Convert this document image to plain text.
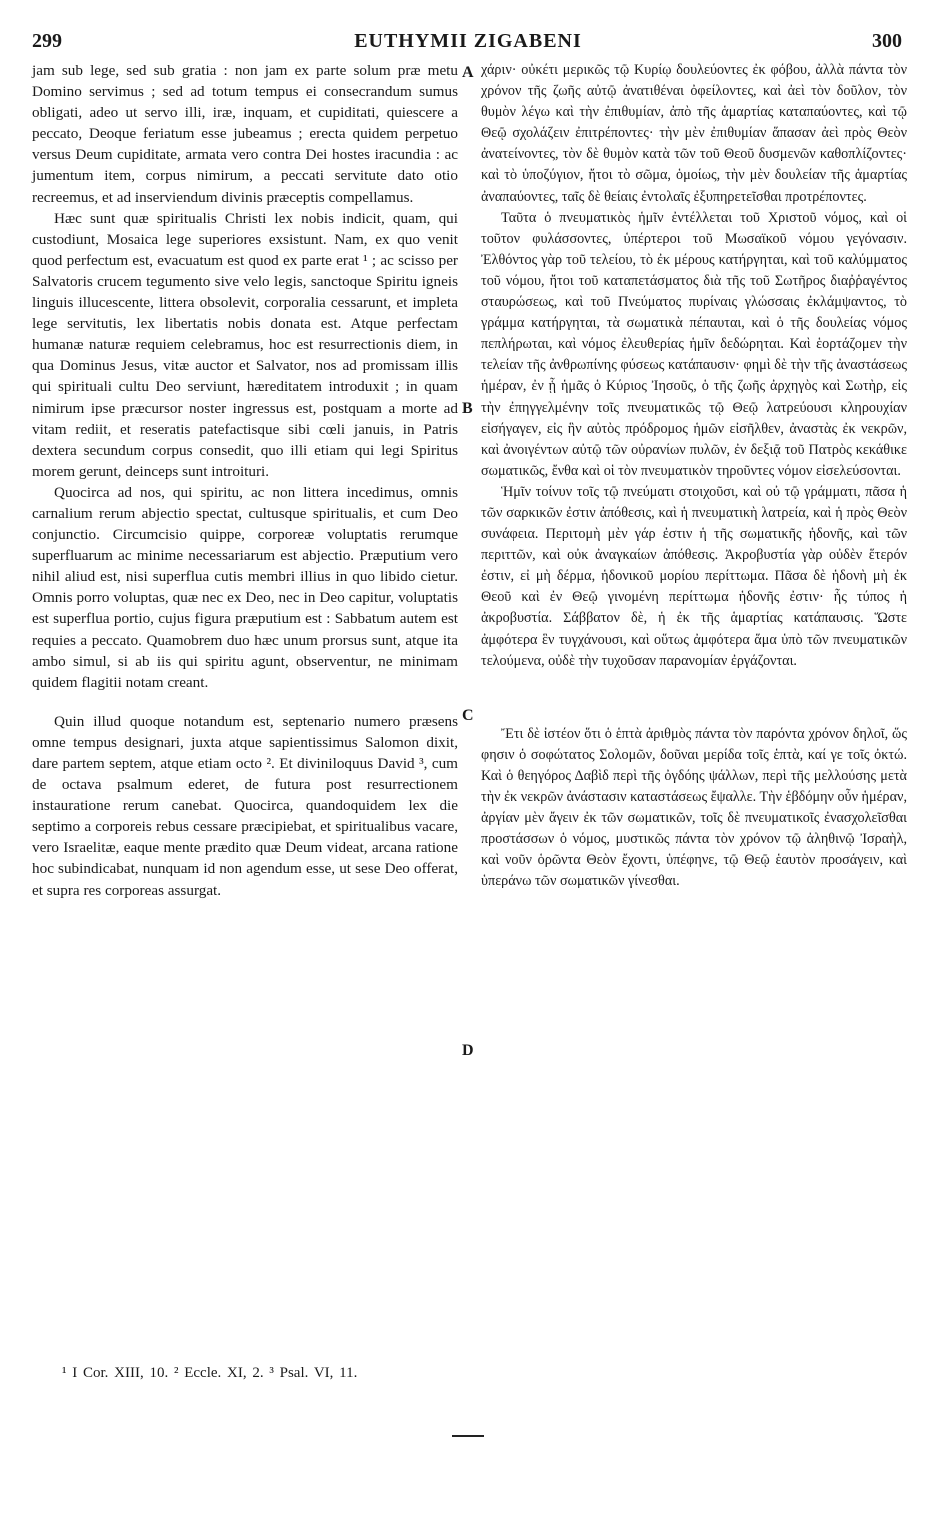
299	EUTHYMII ZIGABENI	300

jam sub lege, sed sub gratia : non jam ex parte solum præ metu Domino servimus ; sed ad totum tempus ei consecrandum sumus obligati, adeo ut servo illi, iræ, inquam, et cupiditati, quiescere a peccato, Deoque feriatum esse jubeamus ; erecta quidem perpetuo versus Deum cupiditate, armata vero contra Dei hostes iracundia : ac jumentum item, corpus nimirum, a peccati servitute dato otio recreemus, et ad inserviendum divinis præceptis compellamus.

Hæc sunt quæ spiritualis Christi lex nobis indicit, quam, qui custodiunt, Mosaica lege superiores exsistunt. Nam, ex quo venit quod perfectum est, evacuatum est quod ex parte erat ¹ ; ac scisso per Salvatoris crucem tegumento sive velo legis, sanctoque Spiritu igneis linguis illucescente, littera obsolevit, corporalia cessarunt, et impleta lege servitutis, lex libertatis nobis donata est. Atque perfectam humanæ naturæ requiem celebramus, hoc est resurrectionis diem, in qua Dominus Jesus, vitæ auctor et Salvator, nos ad promissam illis qui spirituali cultu Deo serviunt, hæreditatem introduxit ; in quam nimirum ipse præcursor noster ingressus est, postquam a morte ad vitam rediit, et reseratis patefactisque sibi cœli januis, in Patris dextera secundum corpus consedit, quo illi etiam qui legi Spiritus morem gerunt, deinceps sunt introituri.

Quocirca ad nos, qui spiritu, ac non littera incedimus, omnis carnalium rerum abjectio spectat, cultusque spiritualis, et cum Deo conjunctio. Circumcisio quippe, corporeæ voluptatis rerumque superfluarum ac minime necessariarum est abjectio. Præputium vero nihil aliud est, nisi superflua cutis membri illius in quo libido cietur. Omnis porro voluptas, quæ nec ex Deo, nec in Deo capitur, voluptatis est superflua portio, cujus figura præputium est : Sabbatum autem est requies a peccato. Quamobrem duo hæc unum prorsus sunt, atque ita ambo simul, si ab iis qui spiritu agunt, observentur, ne minimam quidem flagitii notam creant.

Quin illud quoque notandum est, septenario numero præsens omne tempus designari, juxta atque sapientissimus Salomon dixit, dare partem septem, atque etiam octo ². Et diviniloquus David ³, cum de octava psalmum ederet, de futura post resurrectionem instauratione rerum canebat. Quocirca, quandoquidem lex die septimo a corporeis rebus cessare præcipiebat, et spiritualibus vacare, vero Israelitæ, eaque mente prædito quæ Deum videat, arcana ratione hoc subindicabat, nunquam id non agendum esse, ut sese Deo offerat, et supra res corporeas assurgat.

A
B
C
D

χάριν· οὐκέτι μερικῶς τῷ Κυρίῳ δουλεύοντες ἐκ φόβου, ἀλλὰ πάντα τὸν χρόνον τῆς ζωῆς αὐτῷ ἀνατιθέναι ὀφείλοντες, καὶ ἀεὶ τὸν δοῦλον, τὸν θυμὸν λέγω καὶ τὴν ἐπιθυμίαν, ἀπὸ τῆς ἁμαρτίας καταπαύοντες, καὶ τῷ Θεῷ σχολάζειν ἐπιτρέποντες· τὴν μὲν ἐπιθυμίαν ἅπασαν ἀεὶ πρὸς Θεὸν ἀνατείνοντες, τὸν δὲ θυμὸν κατὰ τῶν τοῦ Θεοῦ δυσμενῶν καθοπλίζοντες· καὶ τὸ ὑποζύγιον, ἤτοι τὸ σῶμα, ὁμοίως, τὴν μὲν δουλείαν τῆς ἁμαρτίας ἀναπαύοντες, ταῖς δὲ θείαις ἐντολαῖς ἐξυπηρετεῖσθαι προτρέποντες.

Ταῦτα ὁ πνευματικὸς ἡμῖν ἐντέλλεται τοῦ Χριστοῦ νόμος, καὶ οἱ τοῦτον φυλάσσοντες, ὑπέρτεροι τοῦ Μωσαϊκοῦ νόμου γεγόνασιν. Ἐλθόντος γὰρ τοῦ τελείου, τὸ ἐκ μέρους κατήργηται, καὶ τοῦ καλύμματος τοῦ νόμου, ἤτοι τοῦ καταπετάσματος διὰ τῆς τοῦ Σωτῆρος διαῤῥαγέντος σταυρώσεως, καὶ τοῦ Πνεύματος πυρίναις γλώσσαις ἐκλάμψαντος, τὸ γράμμα κατήργηται, τὰ σωματικὰ πέπαυται, καὶ ὁ τῆς δουλείας νόμος πεπλήρωται, καὶ νόμος ἐλευθερίας ἡμῖν δεδώρηται. Καὶ ἑορτάζομεν τὴν τελείαν τῆς ἀνθρωπίνης φύσεως κατάπαυσιν· φημὶ δὲ τὴν τῆς ἀναστάσεως ἡμέραν, ἐν ᾗ ἡμᾶς ὁ Κύριος Ἰησοῦς, ὁ τῆς ζωῆς ἀρχηγὸς καὶ Σωτὴρ, εἰς τὴν ἐπηγγελμένην τοῖς πνευματικῶς τῷ Θεῷ λατρεύουσι κληρουχίαν εἰσήγαγεν, εἰς ἣν αὐτὸς πρόδρομος ἡμῶν εἰσῆλθεν, ἀναστὰς ἐκ νεκρῶν, καὶ ἀνοιγέντων αὐτῷ τῶν οὐρανίων πυλῶν, ἐν δεξιᾷ τοῦ Πατρὸς κεκάθικε σωματικῶς, ἔνθα καὶ οἱ τὸν πνευματικὸν τηροῦντες νόμον εἰσελεύσονται.

Ἡμῖν τοίνυν τοῖς τῷ πνεύματι στοιχοῦσι, καὶ οὐ τῷ γράμματι, πᾶσα ἡ τῶν σαρκικῶν ἐστιν ἀπόθεσις, καὶ ἡ πνευματικὴ λατρεία, καὶ ἡ πρὸς Θεὸν συνάφεια. Περιτομὴ μὲν γάρ ἐστιν ἡ τῆς σωματικῆς ἡδονῆς, καὶ τῶν περιττῶν, καὶ οὐκ ἀναγκαίων ἀπόθεσις. Ἀκροβυστία γὰρ οὐδὲν ἕτερόν ἐστιν, εἰ μὴ δέρμα, ἡδονικοῦ μορίου περίττωμα. Πᾶσα δὲ ἡδονὴ μὴ ἐκ Θεοῦ καὶ ἐν Θεῷ γινομένη περίττωμα ἡδονῆς ἐστιν· ἧς τύπος ἡ ἀκροβυστία. Σάββατον δὲ, ἡ ἐκ τῆς ἁμαρτίας κατάπαυσις. Ὥστε ἀμφότερα ἓν τυγχάνουσι, καὶ οὕτως ἀμφότερα ἅμα ὑπὸ τῶν πνευματικῶν τελούμενα, οὐδὲ τὴν τυχοῦσαν παρανομίαν ἐργάζονται.

Ἔτι δὲ ἰστέον ὅτι ὁ ἑπτὰ ἀριθμὸς πάντα τὸν παρόντα χρόνον δηλοῖ, ὥς φησιν ὁ σοφώτατος Σολομῶν, δοῦναι μερίδα τοῖς ἑπτὰ, καί γε τοῖς ὀκτώ. Καὶ ὁ θεηγόρος Δαβὶδ περὶ τῆς ὀγδόης ψάλλων, περὶ τῆς μελλούσης μετὰ τὴν ἐκ νεκρῶν ἀνάστασιν καταστάσεως ἔψαλλε. Τὴν ἑβδόμην οὖν ἡμέραν, ἀργίαν μὲν ἄγειν ἐκ τῶν σωματικῶν, τοῖς δὲ πνευματικοῖς ἐνασχολεῖσθαι προστάσσων ὁ νόμος, μυστικῶς πάντα τὸν χρόνον τῷ ἀληθινῷ Ἰσραὴλ, καὶ νοῦν ὁρῶντα Θεὸν ἔχοντι, ὑπέφηνε, τῷ Θεῷ ἑαυτὸν προσάγειν, καὶ ὑπεράνω τῶν σωματικῶν γίνεσθαι.

¹ I Cor. XIII, 10. ² Eccle. XI, 2. ³ Psal. VI, 11.
